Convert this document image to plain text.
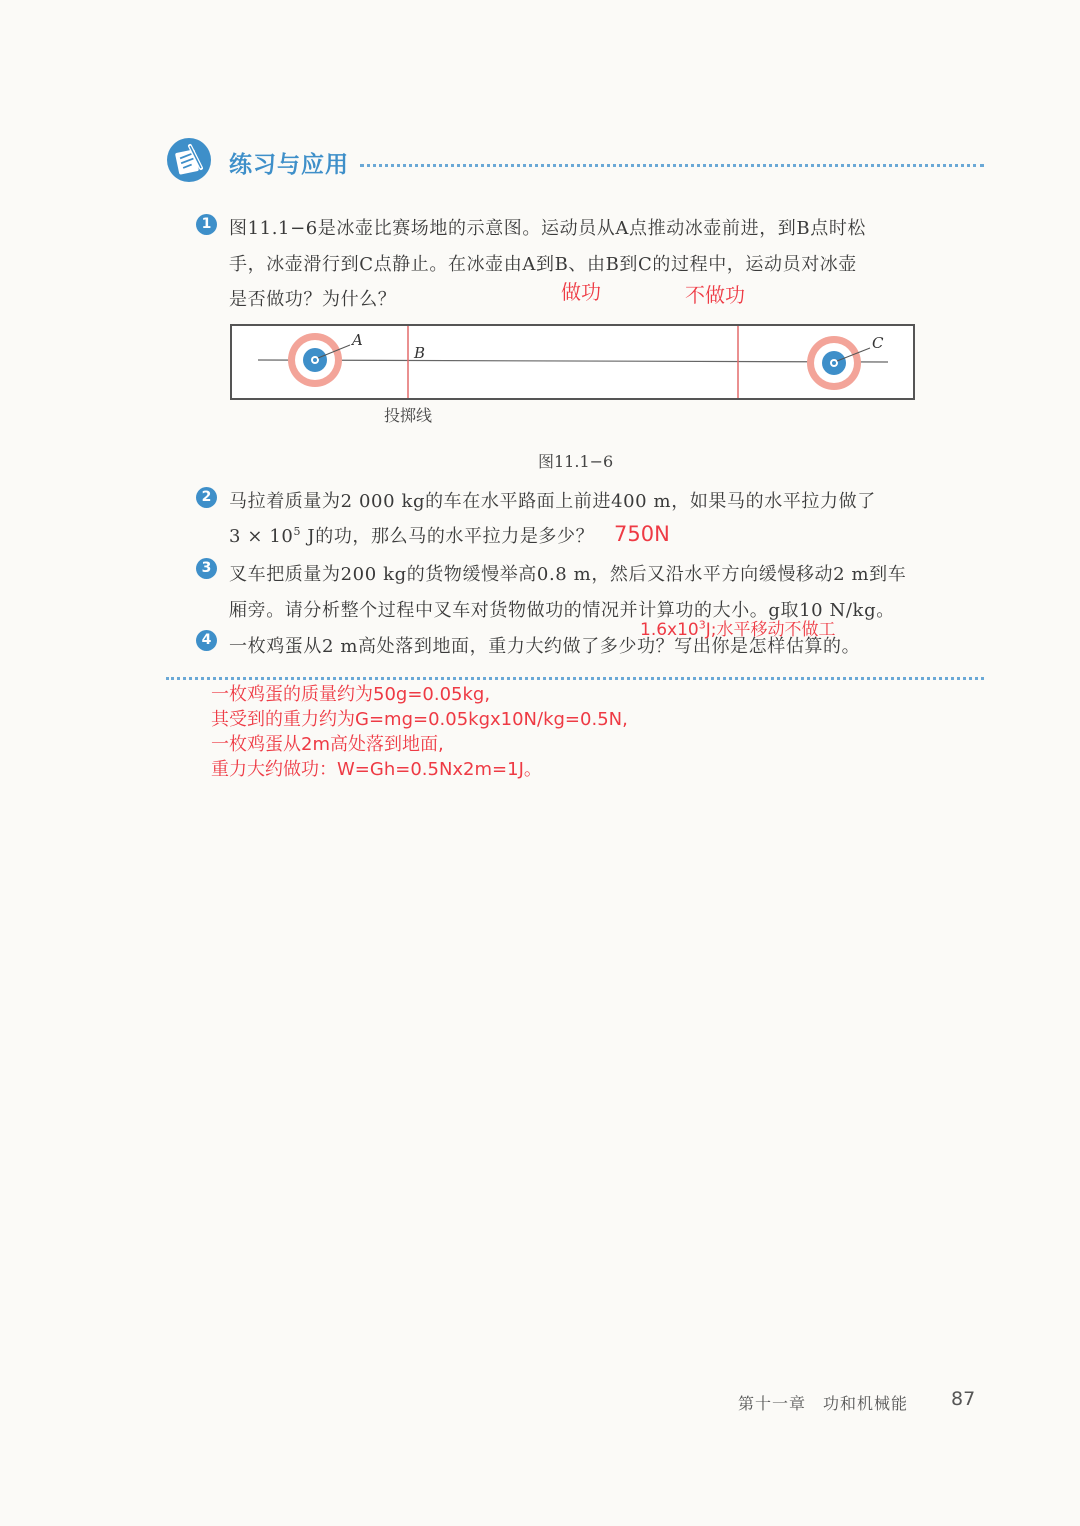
练习与应用
1 图11.1−6是冰壶比赛场地的示意图。运动员从A点推动冰壶前进，到B点时松
手，冰壶滑行到C点静止。在冰壶由A到B、由B到C的过程中，运动员对冰壶
是否做功？为什么？	做功	不做功
A
B
C
投掷线
图11.1−6
2 马拉着质量为2 000 kg的车在水平路面上前进400 m，如果马的水平拉力做了
$3 \times 10^5$ J的功，那么马的水平拉力是多少？ 750N
3 叉车把质量为200 kg的货物缓慢举高0.8 m，然后又沿水平方向缓慢移动2 m到车
厢旁。请分析整个过程中叉车对货物做功的情况并计算功的大小。g取10 N/kg。
$1.6x10^3J$;水平移动不做工
4 一枚鸡蛋从2 m高处落到地面，重力大约做了多少功？写出你是怎样估算的。
一枚鸡蛋的质量约为50g=0.05kg,
其受到的重力约为G=mg=0.05kgx10N/kg=0.5N,
一枚鸡蛋从2m高处落到地面,
重力大约做功：W=Gh=0.5Nx2m=1J。
第十一章　功和机械能 87
